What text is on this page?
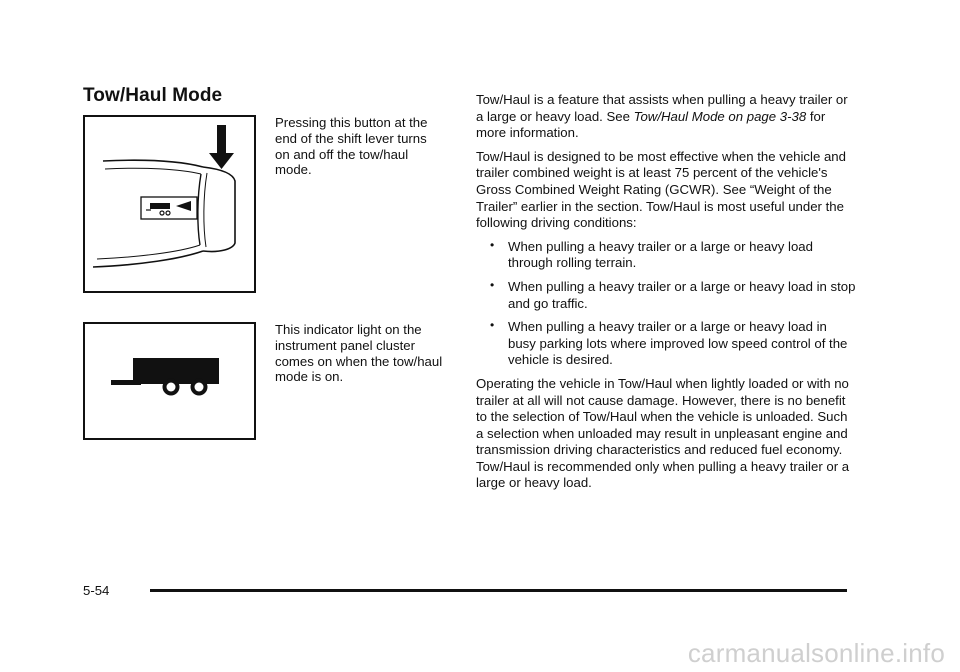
Tow/Haul Mode
Pressing this button at the end of the shift lever turns on and off the tow/haul mode.
This indicator light on the instrument panel cluster comes on when the tow/haul mode is on.

Tow/Haul is a feature that assists when pulling a heavy trailer or a large or heavy load. See Tow/Haul Mode on page 3-38 for more information.

Tow/Haul is designed to be most effective when the vehicle and trailer combined weight is at least 75 percent of the vehicle's Gross Combined Weight Rating (GCWR). See “Weight of the Trailer” earlier in the section. Tow/Haul is most useful under the following driving conditions:

• When pulling a heavy trailer or a large or heavy load through rolling terrain.
• When pulling a heavy trailer or a large or heavy load in stop and go traffic.
• When pulling a heavy trailer or a large or heavy load in busy parking lots where improved low speed control of the vehicle is desired.

Operating the vehicle in Tow/Haul when lightly loaded or with no trailer at all will not cause damage. However, there is no benefit to the selection of Tow/Haul when the vehicle is unloaded. Such a selection when unloaded may result in unpleasant engine and transmission driving characteristics and reduced fuel economy. Tow/Haul is recommended only when pulling a heavy trailer or a large or heavy load.

5-54
carmanualsonline.info
